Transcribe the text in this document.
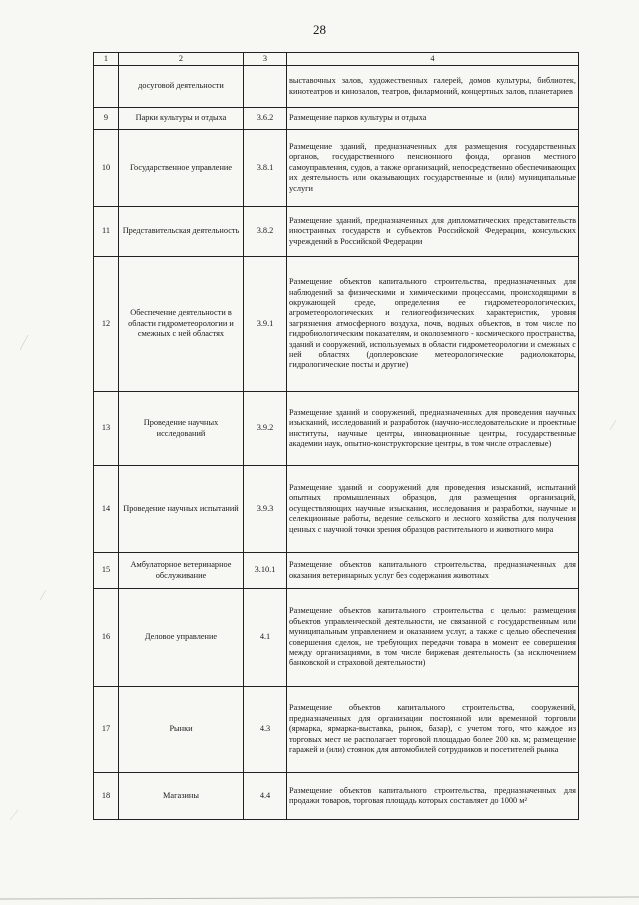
28
1	2	3	4
	досуговой деятельности		выставочных залов, художественных галерей, домов культуры, библиотек, кинотеатров и кинозалов, театров, филармоний, концертных залов, планетариев
9	Парки культуры и отдыха	3.6.2	Размещение парков культуры и отдыха
10	Государственное управление	3.8.1	Размещение зданий, предназначенных для размещения государственных органов, государственного пенсионного фонда, органов местного самоуправления, судов, а также организаций, непосредственно обеспечивающих их деятельность или оказывающих государственные и (или) муниципальные услуги
11	Представительская деятельность	3.8.2	Размещение зданий, предназначенных для дипломатических представительств иностранных государств и субъектов Российской Федерации, консульских учреждений в Российской Федерации
12	Обеспечение деятельности в области гидрометеорологии и смежных с ней областях	3.9.1	Размещение объектов капитального строительства, предназначенных для наблюдений за физическими и химическими процессами, происходящими в окружающей среде, определения ее гидрометеорологических, агрометеорологических и гелиогеофизических характеристик, уровня загрязнения атмосферного воздуха, почв, водных объектов, в том числе по гидробиологическим показателям, и околоземного - космического пространства, зданий и сооружений, используемых в области гидрометеорологии и смежных с ней областях (доплеровские метеорологические радиолокаторы, гидрологические посты и другие)
13	Проведение научных исследований	3.9.2	Размещение зданий и сооружений, предназначенных для проведения научных изысканий, исследований и разработок (научно-исследовательские и проектные институты, научные центры, инновационные центры, государственные академии наук, опытно-конструкторские центры, в том числе отраслевые)
14	Проведение научных испытаний	3.9.3	Размещение зданий и сооружений для проведения изысканий, испытаний опытных промышленных образцов, для размещения организаций, осуществляющих научные изыскания, исследования и разработки, научные и селекционные работы, ведение сельского и лесного хозяйства для получения ценных с научной точки зрения образцов растительного и животного мира
15	Амбулаторное ветеринарное обслуживание	3.10.1	Размещение объектов капитального строительства, предназначенных для оказания ветеринарных услуг без содержания животных
16	Деловое управление	4.1	Размещение объектов капитального строительства с целью: размещения объектов управленческой деятельности, не связанной с государственным или муниципальным управлением и оказанием услуг, а также с целью обеспечения совершения сделок, не требующих передачи товара в момент ее совершения между организациями, в том числе биржевая деятельность (за исключением банковской и страховой деятельности)
17	Рынки	4.3	Размещение объектов капитального строительства, сооружений, предназначенных для организации постоянной или временной торговли (ярмарка, ярмарка-выставка, рынок, базар), с учетом того, что каждое из торговых мест не располагает торговой площадью более 200 кв. м; размещение гаражей и (или) стоянок для автомобилей сотрудников и посетителей рынка
18	Магазины	4.4	Размещение объектов капитального строительства, предназначенных для продажи товаров, торговая площадь которых составляет до 1000 м²
